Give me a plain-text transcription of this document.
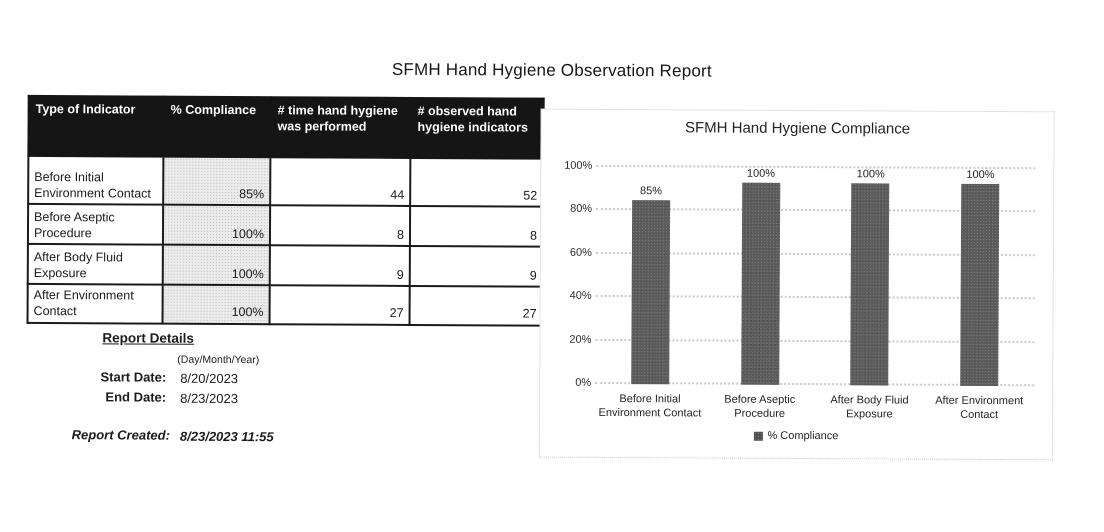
SFMH Hand Hygiene Observation Report
Type of Indicator	% Compliance	# time hand hygiene was performed	# observed hand hygiene indicators
Before Initial Environment Contact	85%	44	52
Before Aseptic Procedure	100%	8	8
After Body Fluid Exposure	100%	9	9
After Environment Contact	100%	27	27
Report Details
(Day/Month/Year)
Start Date: 8/20/2023
End Date: 8/23/2023
Report Created: 8/23/2023 11:55
SFMH Hand Hygiene Compliance
100%
80%
60%
40%
20%
0%
85%
100%	100%	100%
Before Initial
Environment Contact
Before Aseptic
Procedure
After Body Fluid
Exposure
After Environment
Contact
% Compliance
